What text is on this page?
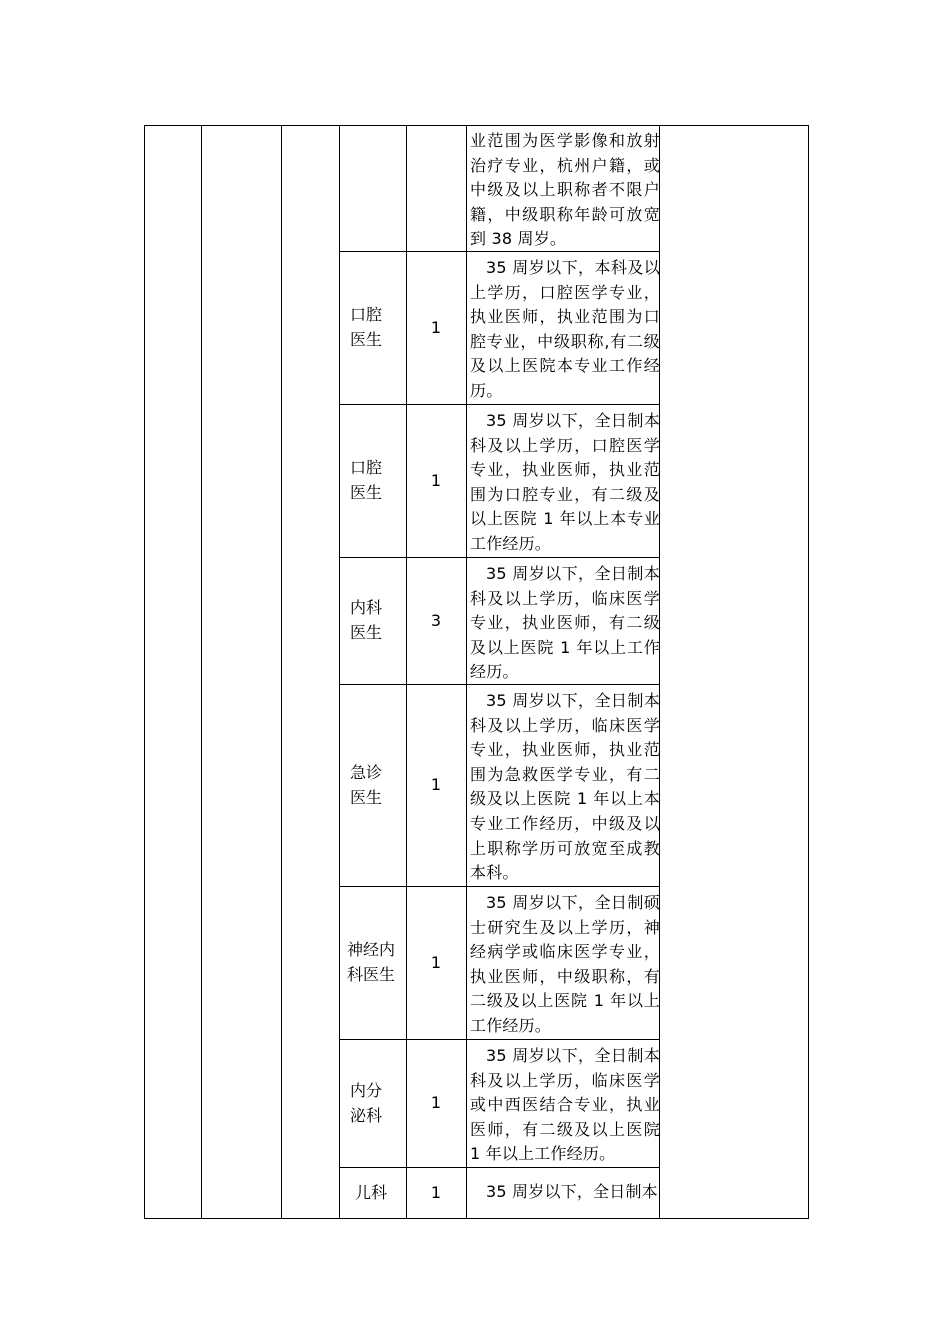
业范围为医学影像和放射治疗专业，杭州户籍，或中级及以上职称者不限户籍，中级职称年龄可放宽到 38 周岁。
口腔医生
1
35 周岁以下，本科及以上学历，口腔医学专业，执业医师，执业范围为口腔专业，中级职称,有二级及以上医院本专业工作经历。
口腔医生
1
35 周岁以下，全日制本科及以上学历，口腔医学专业，执业医师，执业范围为口腔专业，有二级及以上医院 1 年以上本专业工作经历。
内科医生
3
35 周岁以下，全日制本科及以上学历，临床医学专业，执业医师，有二级及以上医院 1 年以上工作经历。
急诊医生
1
35 周岁以下，全日制本科及以上学历，临床医学专业，执业医师，执业范围为急救医学专业，有二级及以上医院 1 年以上本专业工作经历，中级及以上职称学历可放宽至成教本科。
神经内科医生
1
35 周岁以下，全日制硕士研究生及以上学历，神经病学或临床医学专业，执业医师，中级职称，有二级及以上医院 1 年以上工作经历。
内分泌科
1
35 周岁以下，全日制本科及以上学历，临床医学或中西医结合专业，执业医师，有二级及以上医院 1 年以上工作经历。
儿科	1	35 周岁以下，全日制本
